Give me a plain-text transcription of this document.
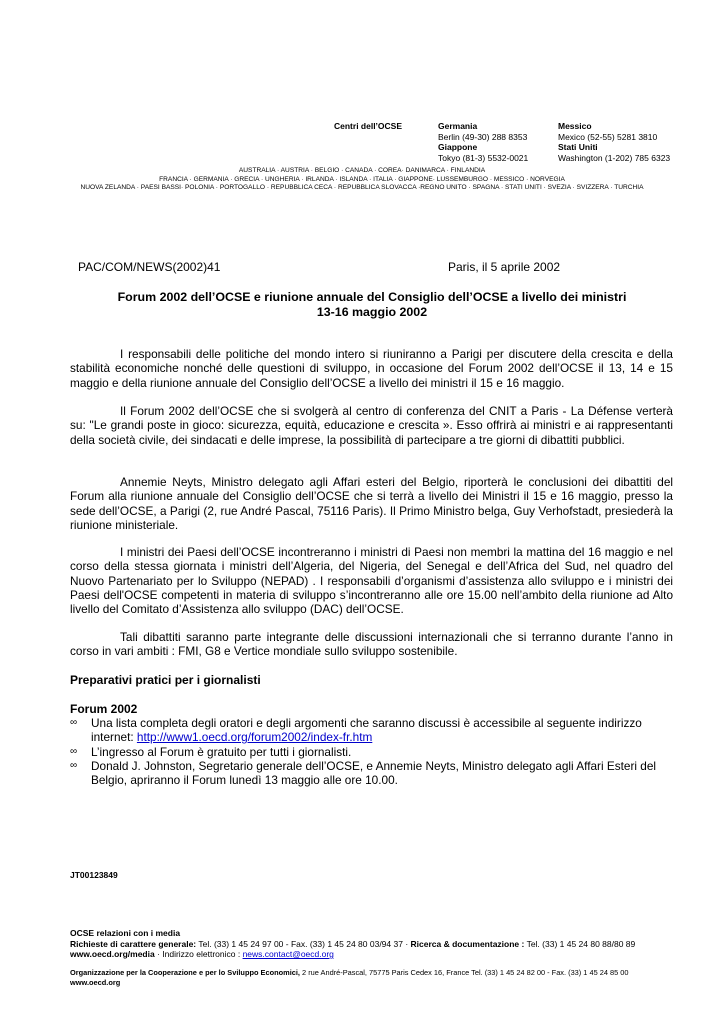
Centri dell’OCSE	Germania
Berlin (49-30) 288 8353
Giappone
Tokyo (81-3) 5532-0021
Messico
Mexico (52-55) 5281 3810
Stati Uniti
Washington (1-202) 785 6323
AUSTRALIA · AUSTRIA · BELGIO · CANADA · COREA· DANIMARCA · FINLANDIA
FRANCIA · GERMANIA · GRECIA · UNGHERIA · IRLANDA · ISLANDA · ITALIA · GIAPPONE· LUSSEMBURGO · MESSICO · NORVEGIA
NUOVA ZELANDA · PAESI BASSI· POLONIA · PORTOGALLO · REPUBBLICA CECA · REPUBBLICA SLOVACCA ·REGNO UNITO · SPAGNA · STATI UNITI · SVEZIA · SVIZZERA · TURCHIA
PAC/COM/NEWS(2002)41	Paris, il 5 aprile 2002
Forum 2002 dell’OCSE e riunione annuale del Consiglio dell’OCSE a livello dei ministri
13-16 maggio 2002

I responsabili delle politiche del mondo intero si riuniranno a Parigi per discutere della crescita e della stabilità economiche nonché delle questioni di sviluppo, in occasione del Forum 2002 dell’OCSE il 13, 14 e 15 maggio e della riunione annuale del Consiglio dell’OCSE a livello dei ministri il 15 e 16 maggio.

Il Forum 2002 dell’OCSE che si svolgerà al centro di conferenza del CNIT a Paris - La Défense verterà su: "Le grandi poste in gioco: sicurezza, equità, educazione e crescita ». Esso offrirà ai ministri e ai rappresentanti della società civile, dei sindacati e delle imprese, la possibilità di partecipare a tre giorni di dibattiti pubblici.

Annemie Neyts, Ministro delegato agli Affari esteri del Belgio, riporterà le conclusioni dei dibattiti del Forum alla riunione annuale del Consiglio dell’OCSE che si terrà a livello dei Ministri il 15 e 16 maggio, presso la sede dell’OCSE, a Parigi (2, rue André Pascal, 75116 Paris). Il Primo Ministro belga, Guy Verhofstadt, presiederà la riunione ministeriale.

I ministri dei Paesi dell’OCSE incontreranno i ministri di Paesi non membri la mattina del 16 maggio e nel corso della stessa giornata i ministri dell’Algeria, del Nigeria, del Senegal e dell’Africa del Sud, nel quadro del Nuovo Partenariato per lo Sviluppo (NEPAD) . I responsabili d’organismi d’assistenza allo sviluppo e i ministri dei Paesi dell'OCSE competenti in materia di sviluppo s’incontreranno alle ore 15.00 nell’ambito della riunione ad Alto livello del Comitato d’Assistenza allo sviluppo (DAC) dell’OCSE.

Tali dibattiti saranno parte integrante delle discussioni internazionali che si terranno durante l’anno in corso in vari ambiti : FMI, G8 e Vertice mondiale sullo sviluppo sostenibile.

Preparativi pratici per i giornalisti
Forum 2002
∞ Una lista completa degli oratori e degli argomenti che saranno discussi è accessibile al seguente indirizzo internet: http://www1.oecd.org/forum2002/index-fr.htm
∞ L’ingresso al Forum è gratuito per tutti i giornalisti.
∞ Donald J. Johnston, Segretario generale dell’OCSE, e Annemie Neyts, Ministro delegato agli Affari Esteri del Belgio, apriranno il Forum lunedì 13 maggio alle ore 10.00.
JT00123849
OCSE relazioni con i media
Richieste di carattere generale: Tel. (33) 1 45 24 97 00 - Fax. (33) 1 45 24 80 03/94 37 · Ricerca & documentazione : Tel. (33) 1 45 24 80 88/80 89 www.oecd.org/media · Indirizzo elettronico : news.contact@oecd.org
Organizzazione per la Cooperazione e per lo Sviluppo Economici, 2 rue André-Pascal, 75775 Paris Cedex 16, France Tel. (33) 1 45 24 82 00 - Fax. (33) 1 45 24 85 00
www.oecd.org
